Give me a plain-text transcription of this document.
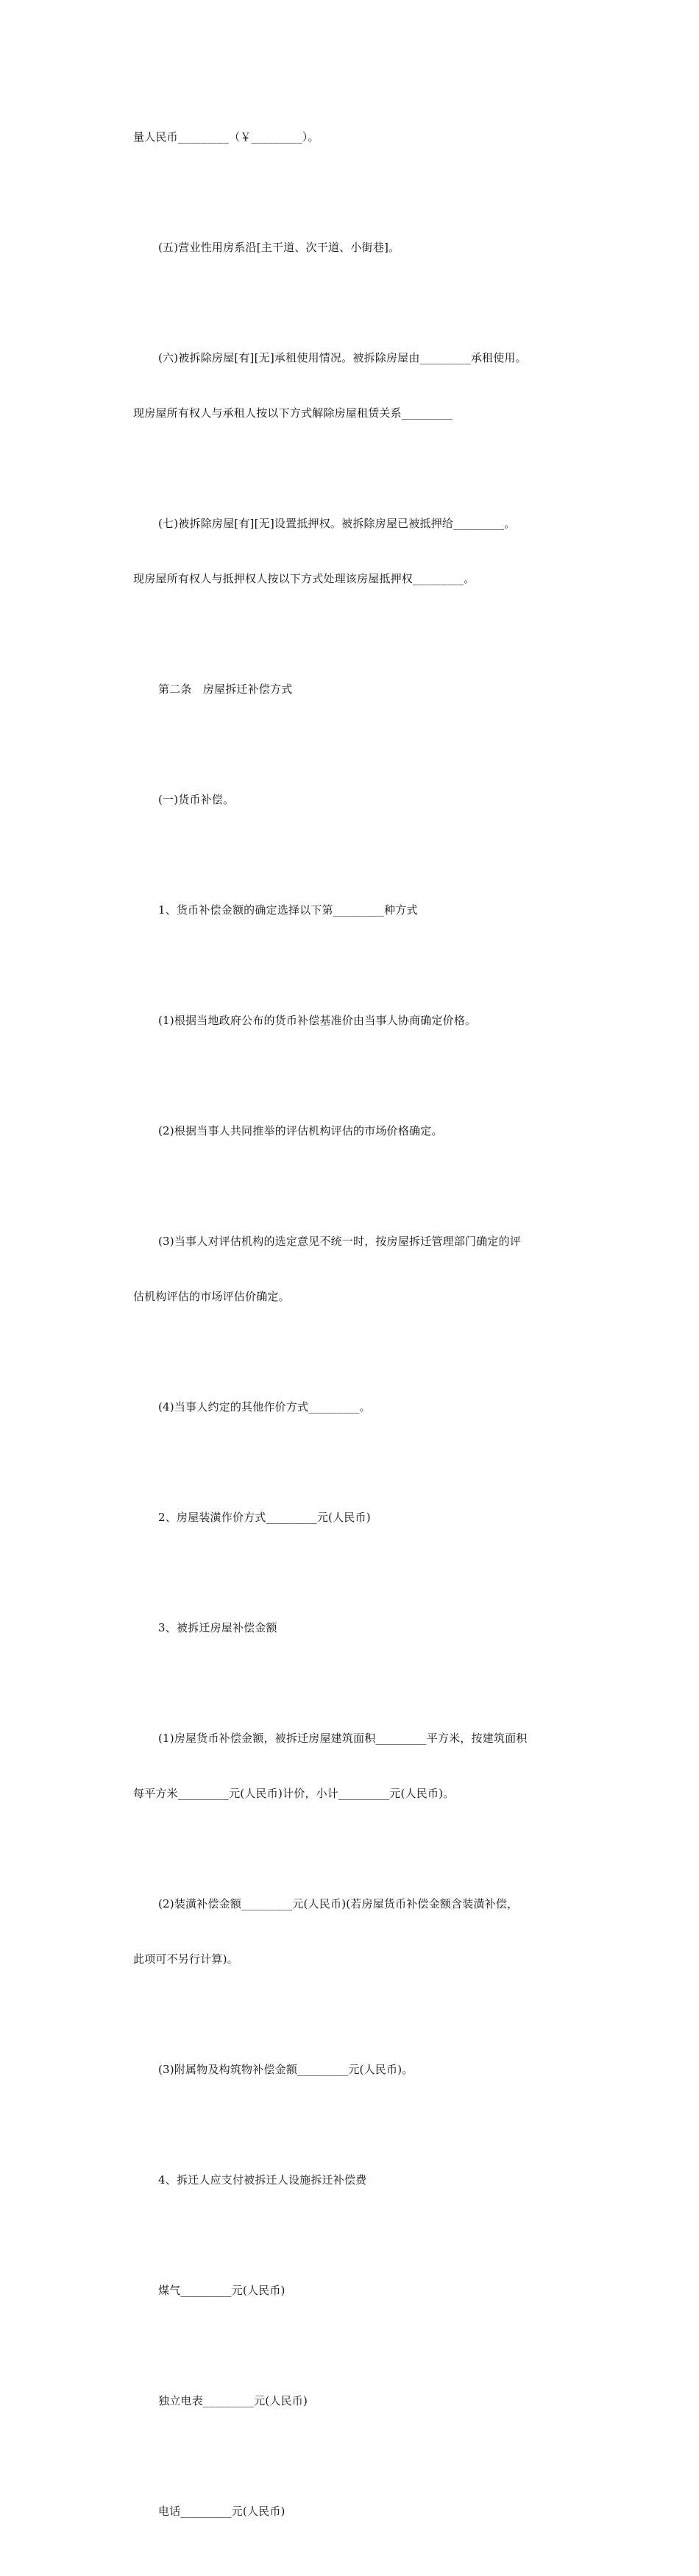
量人民币_________（￥_________）。

(五)营业性用房系沿[主干道、次干道、小街巷]。

(六)被拆除房屋[有][无]承租使用情况。被拆除房屋由_________承租使用。

现房屋所有权人与承租人按以下方式解除房屋租赁关系_________

(七)被拆除房屋[有][无]设置抵押权。被拆除房屋已被抵押给_________。

现房屋所有权人与抵押权人按以下方式处理该房屋抵押权_________。

第二条　房屋拆迁补偿方式

(一)货币补偿。

1、货币补偿金额的确定选择以下第_________种方式

(1)根据当地政府公布的货币补偿基准价由当事人协商确定价格。

(2)根据当事人共同推举的评估机构评估的市场价格确定。

(3)当事人对评估机构的选定意见不统一时，按房屋拆迁管理部门确定的评

估机构评估的市场评估价确定。

(4)当事人约定的其他作价方式_________。

2、房屋装潢作价方式_________元(人民币)

3、被拆迁房屋补偿金额

(1)房屋货币补偿金额，被拆迁房屋建筑面积_________平方米，按建筑面积

每平方米_________元(人民币)计价，小计_________元(人民币)。

(2)装潢补偿金额_________元(人民币)(若房屋货币补偿金额含装潢补偿，

此项可不另行计算)。

(3)附属物及构筑物补偿金额_________元(人民币)。

4、拆迁人应支付被拆迁人设施拆迁补偿费

煤气_________元(人民币)

独立电表_________元(人民币)

电话_________元(人民币)
